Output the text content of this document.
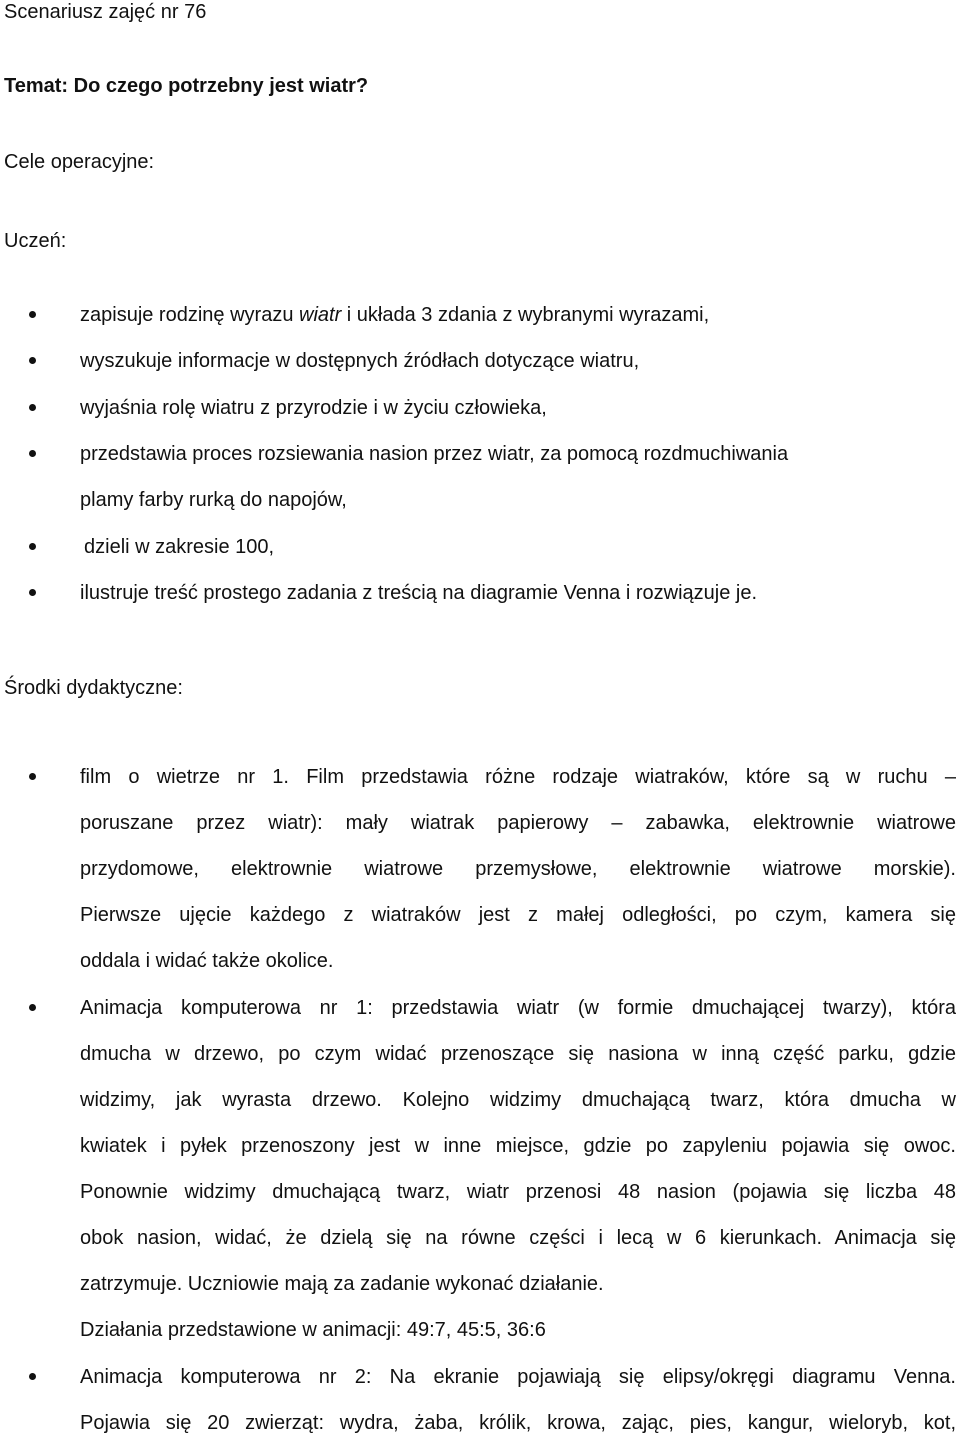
Scenariusz zajęć nr 76
Temat: Do czego potrzebny jest wiatr?
Cele operacyjne:
Uczeń:
zapisuje rodzinę wyrazu wiatr i układa 3 zdania z wybranymi wyrazami,
wyszukuje informacje w dostępnych źródłach dotyczące wiatru,
wyjaśnia rolę wiatru z przyrodzie i w życiu człowieka,
przedstawia proces rozsiewania nasion przez wiatr, za pomocą rozdmuchiwania
plamy farby rurką do napojów,
dzieli w zakresie 100,
ilustruje treść prostego zadania z treścią na diagramie Venna i rozwiązuje je.
Środki dydaktyczne:
film o wietrze nr 1. Film przedstawia różne rodzaje wiatraków, które są w ruchu –
poruszane przez wiatr): mały wiatrak papierowy – zabawka, elektrownie wiatrowe
przydomowe, elektrownie wiatrowe przemysłowe, elektrownie wiatrowe morskie).
Pierwsze ujęcie każdego z wiatraków jest z małej odległości, po czym, kamera się
oddala i widać także okolice.
Animacja komputerowa nr 1: przedstawia wiatr (w formie dmuchającej twarzy), która
dmucha w drzewo, po czym widać przenoszące się nasiona w inną część parku, gdzie
widzimy, jak wyrasta drzewo. Kolejno widzimy dmuchającą twarz, która dmucha w
kwiatek i pyłek przenoszony jest w inne miejsce, gdzie po zapyleniu pojawia się owoc.
Ponownie widzimy dmuchającą twarz, wiatr przenosi 48 nasion (pojawia się liczba 48
obok nasion, widać, że dzielą się na równe części i lecą w 6 kierunkach. Animacja się
zatrzymuje. Uczniowie mają za zadanie wykonać działanie.
Działania przedstawione w animacji: 49:7, 45:5, 36:6
Animacja komputerowa nr 2: Na ekranie pojawiają się elipsy/okręgi diagramu Venna.
Pojawia się 20 zwierząt: wydra, żaba, królik, krowa, zając, pies, kangur, wieloryb, kot,
